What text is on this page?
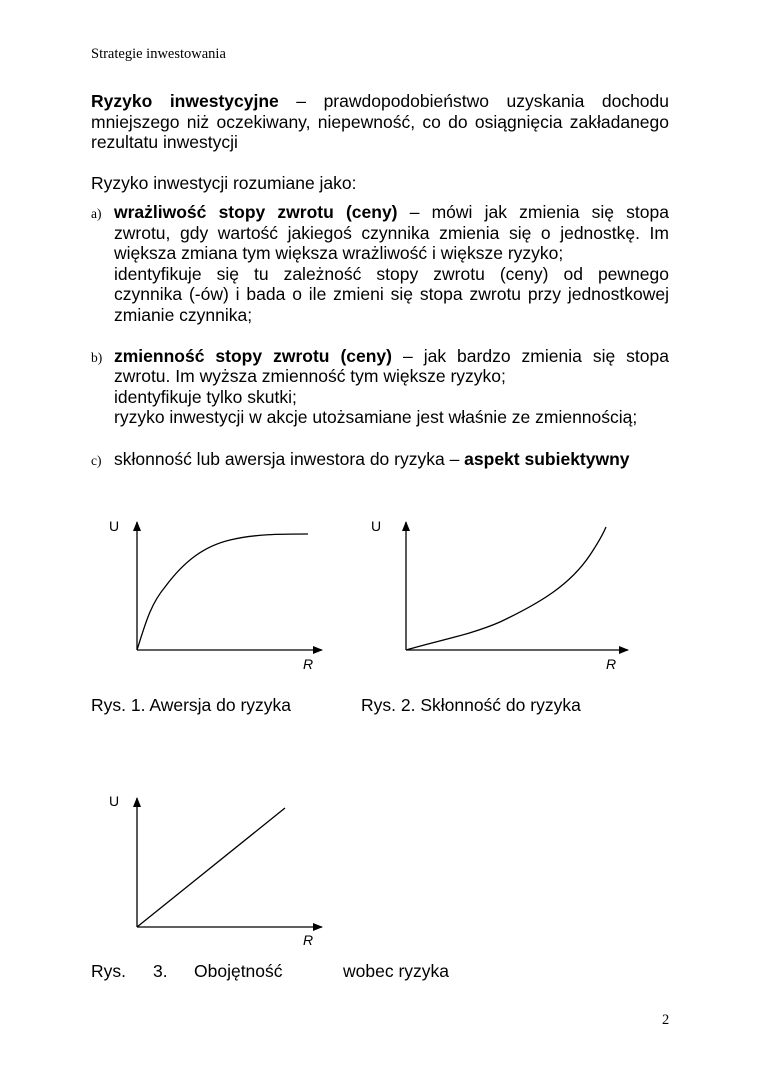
Strategie inwestowania
Ryzyko inwestycyjne – prawdopodobieństwo uzyskania dochodu
mniejszego niż oczekiwany, niepewność, co do osiągnięcia zakładanego
rezultatu inwestycji
Ryzyko inwestycji rozumiane jako:
a) wrażliwość stopy zwrotu (ceny) – mówi jak zmienia się stopa
zwrotu, gdy wartość jakiegoś czynnika zmienia się o jednostkę. Im
większa zmiana tym większa wrażliwość i większe ryzyko;
identyfikuje się tu zależność stopy zwrotu (ceny) od pewnego
czynnika (-ów) i bada o ile zmieni się stopa zwrotu przy jednostkowej
zmianie czynnika;
b) zmienność stopy zwrotu (ceny) – jak bardzo zmienia się stopa
zwrotu. Im wyższa zmienność tym większe ryzyko;
identyfikuje tylko skutki;
ryzyko inwestycji w akcje utożsamiane jest właśnie ze zmiennością;
c) skłonność lub awersja inwestora do ryzyka – aspekt subiektywny
U
R
Rys. 1. Awersja do ryzyka
U
R
Rys. 2. Skłonność do ryzyka
U
R
Rys. 3. Obojętność	wobec ryzyka
2
